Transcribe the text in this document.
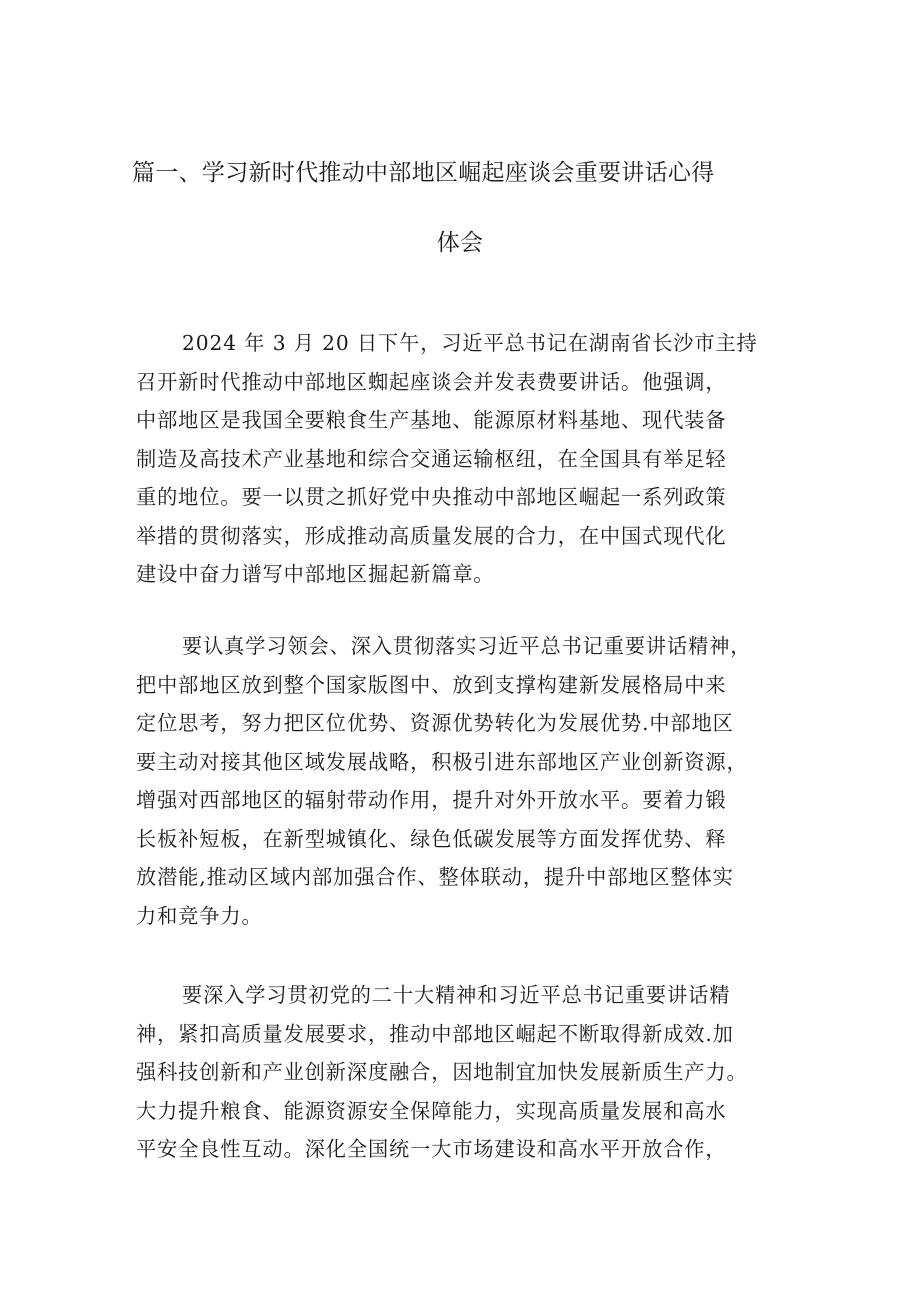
篇一、学习新时代推动中部地区崛起座谈会重要讲话心得
体会
2024 年 3 月 20 日下午，习近平总书记在湖南省长沙市主持
召开新时代推动中部地区蜘起座谈会并发表费要讲话。他强调，
中部地区是我国全要粮食生产基地、能源原材料基地、现代装备
制造及高技术产业基地和综合交通运输枢纽，在全国具有举足轻
重的地位。要一以贯之抓好党中央推动中部地区崛起一系列政策
举措的贯彻落实，形成推动高质量发展的合力，在中国式现代化
建设中奋力谱写中部地区掘起新篇章。
要认真学习领会、深入贯彻落实习近平总书记重要讲话精神，
把中部地区放到整个国家版图中、放到支撑构建新发展格局中来
定位思考，努力把区位优势、资源优势转化为发展优势.中部地区
要主动对接其他区域发展战略，积极引进东部地区产业创新资源，
增强对西部地区的辐射带动作用，提升对外开放水平。要着力锻
长板补短板，在新型城镇化、绿色低碳发展等方面发挥优势、释
放潜能,推动区域内部加强合作、整体联动，提升中部地区整体实
力和竞争力。
要深入学习贯初党的二十大精神和习近平总书记重要讲话精
神，紧扣高质量发展要求，推动中部地区崛起不断取得新成效.加
强科技创新和产业创新深度融合，因地制宜加快发展新质生产力。
大力提升粮食、能源资源安全保障能力，实现高质量发展和高水
平安全良性互动。深化全国统一大市场建设和高水平开放合作，
